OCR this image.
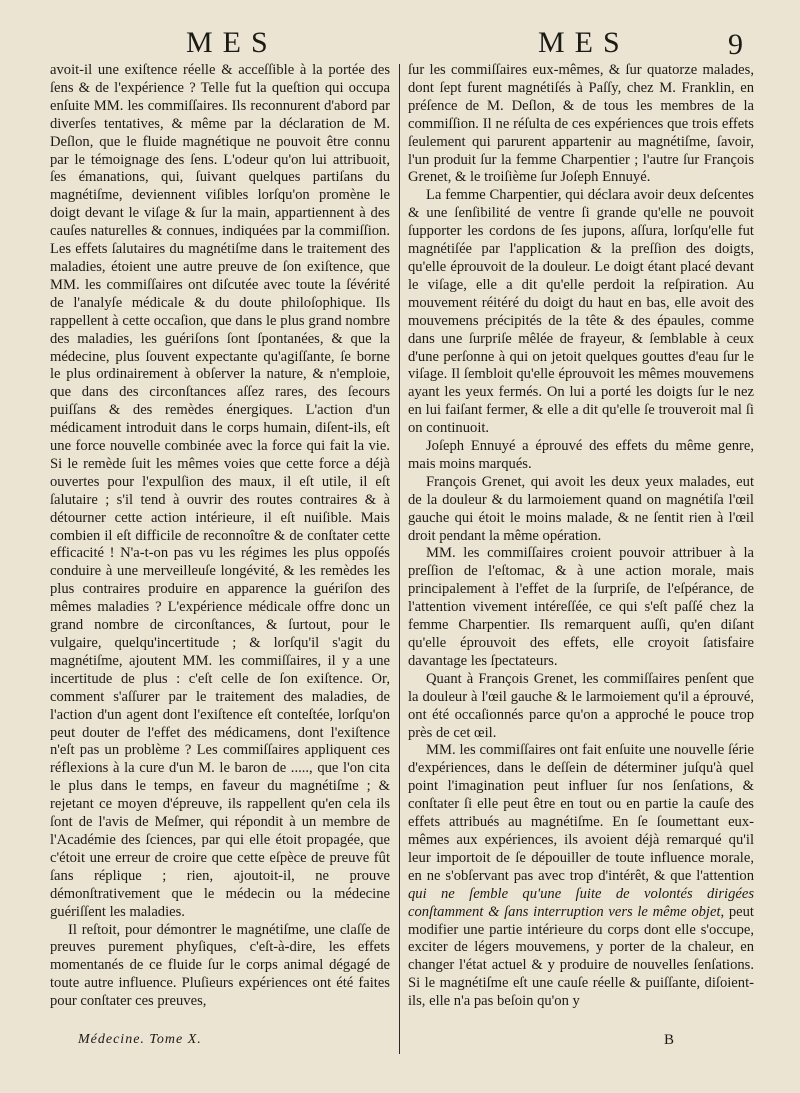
MES	MES	9

avoit-il une exiſtence réelle & acceſſible à la portée des ſens & de l'expérience ? Telle fut la queſtion qui occupa enſuite MM. les commiſſaires. Ils reconnurent d'abord par diverſes tentatives, & même par la déclaration de M. Deſlon, que le fluide magnétique ne pouvoit être connu par le témoignage des ſens. L'odeur qu'on lui attribuoit, ſes émanations, qui, ſuivant quelques partiſans du magnétiſme, deviennent viſibles lorſqu'on promène le doigt devant le viſage & ſur la main, appartiennent à des cauſes naturelles & connues, indiquées par la commiſſion. Les effets ſalutaires du magnétiſme dans le traitement des maladies, étoient une autre preuve de ſon exiſtence, que MM. les commiſſaires ont diſcutée avec toute la ſévérité de l'analyſe médicale & du doute philoſophique. Ils rappellent à cette occaſion, que dans le plus grand nombre des maladies, les guériſons ſont ſpontanées, & que la médecine, plus ſouvent expectante qu'agiſſante, ſe borne le plus ordinairement à obſerver la nature, & n'emploie, que dans des circonſtances aſſez rares, des ſecours puiſſans & des remèdes énergiques. L'action d'un médicament introduit dans le corps humain, diſent-ils, eſt une force nouvelle combinée avec la force qui fait la vie. Si le remède ſuit les mêmes voies que cette force a déjà ouvertes pour l'expulſion des maux, il eſt utile, il eſt ſalutaire ; s'il tend à ouvrir des routes contraires & à détourner cette action intérieure, il eſt nuiſible. Mais combien il eſt difficile de reconnoître & de conſtater cette efficacité ! N'a-t-on pas vu les régimes les plus oppoſés conduire à une merveilleuſe longévité, & les remèdes les plus contraires produire en apparence la guériſon des mêmes maladies ? L'expérience médicale offre donc un grand nombre de circonſtances, & ſurtout, pour le vulgaire, quelqu'incertitude ; & lorſqu'il s'agit du magnétiſme, ajoutent MM. les commiſſaires, il y a une incertitude de plus : c'eſt celle de ſon exiſtence. Or, comment s'aſſurer par le traitement des maladies, de l'action d'un agent dont l'exiſtence eſt conteſtée, lorſqu'on peut douter de l'effet des médicamens, dont l'exiſtence n'eſt pas un problème ? Les commiſſaires appliquent ces réflexions à la cure d'un M. le baron de ....., que l'on cita le plus dans le temps, en faveur du magnétiſme ; & rejetant ce moyen d'épreuve, ils rappellent qu'en cela ils ſont de l'avis de Meſmer, qui répondit à un membre de l'Académie des ſciences, par qui elle étoit propagée, que c'étoit une erreur de croire que cette eſpèce de preuve fût ſans réplique ; rien, ajoutoit-il, ne prouve démonſtrativement que le médecin ou la médecine guériſſent les maladies.

Il reſtoit, pour démontrer le magnétiſme, une claſſe de preuves purement phyſiques, c'eſt-à-dire, les effets momentanés de ce fluide ſur le corps animal dégagé de toute autre influence. Pluſieurs expériences ont été faites pour conſtater ces preuves,

ſur les commiſſaires eux-mêmes, & ſur quatorze malades, dont ſept furent magnétiſés à Paſſy, chez M. Franklin, en préſence de M. Deſlon, & de tous les membres de la commiſſion. Il ne réſulta de ces expériences que trois effets ſeulement qui parurent appartenir au magnétiſme, ſavoir, l'un produit ſur la femme Charpentier ; l'autre ſur François Grenet, & le troiſième ſur Joſeph Ennuyé.

La femme Charpentier, qui déclara avoir deux deſcentes & une ſenſibilité de ventre ſi grande qu'elle ne pouvoit ſupporter les cordons de ſes jupons, aſſura, lorſqu'elle fut magnétiſée par l'application & la preſſion des doigts, qu'elle éprouvoit de la douleur. Le doigt étant placé devant le viſage, elle a dit qu'elle perdoit la reſpiration. Au mouvement réitéré du doigt du haut en bas, elle avoit des mouvemens précipités de la tête & des épaules, comme dans une ſurpriſe mêlée de frayeur, & ſemblable à ceux d'une perſonne à qui on jetoit quelques gouttes d'eau ſur le viſage. Il ſembloit qu'elle éprouvoit les mêmes mouvemens ayant les yeux fermés. On lui a porté les doigts ſur le nez en lui faiſant fermer, & elle a dit qu'elle ſe trouveroit mal ſi on continuoit.

Joſeph Ennuyé a éprouvé des effets du même genre, mais moins marqués.

François Grenet, qui avoit les deux yeux malades, eut de la douleur & du larmoiement quand on magnétiſa l'œil gauche qui étoit le moins malade, & ne ſentit rien à l'œil droit pendant la même opération.

MM. les commiſſaires croient pouvoir attribuer à la preſſion de l'eſtomac, & à une action morale, mais principalement à l'effet de la ſurpriſe, de l'eſpérance, de l'attention vivement intéreſſée, ce qui s'eſt paſſé chez la femme Charpentier. Ils remarquent auſſi, qu'en diſant qu'elle éprouvoit des effets, elle croyoit ſatisfaire davantage les ſpectateurs.

Quant à François Grenet, les commiſſaires penſent que la douleur à l'œil gauche & le larmoiement qu'il a éprouvé, ont été occaſionnés parce qu'on a approché le pouce trop près de cet œil.

MM. les commiſſaires ont fait enſuite une nouvelle ſérie d'expériences, dans le deſſein de déterminer juſqu'à quel point l'imagination peut influer ſur nos ſenſations, & conſtater ſi elle peut être en tout ou en partie la cauſe des effets attribués au magnétiſme. En ſe ſoumettant eux-mêmes aux expériences, ils avoient déjà remarqué qu'il leur importoit de ſe dépouiller de toute influence morale, en ne s'obſervant pas avec trop d'intérêt, & que l'attention qui ne ſemble qu'une ſuite de volontés dirigées conſtamment & ſans interruption vers le même objet, peut modifier une partie intérieure du corps dont elle s'occupe, exciter de légers mouvemens, y porter de la chaleur, en changer l'état actuel & y produire de nouvelles ſenſations. Si le magnétiſme eſt une cauſe réelle & puiſſante, diſoient-ils, elle n'a pas beſoin qu'on y

Médecine. Tome X.	B
